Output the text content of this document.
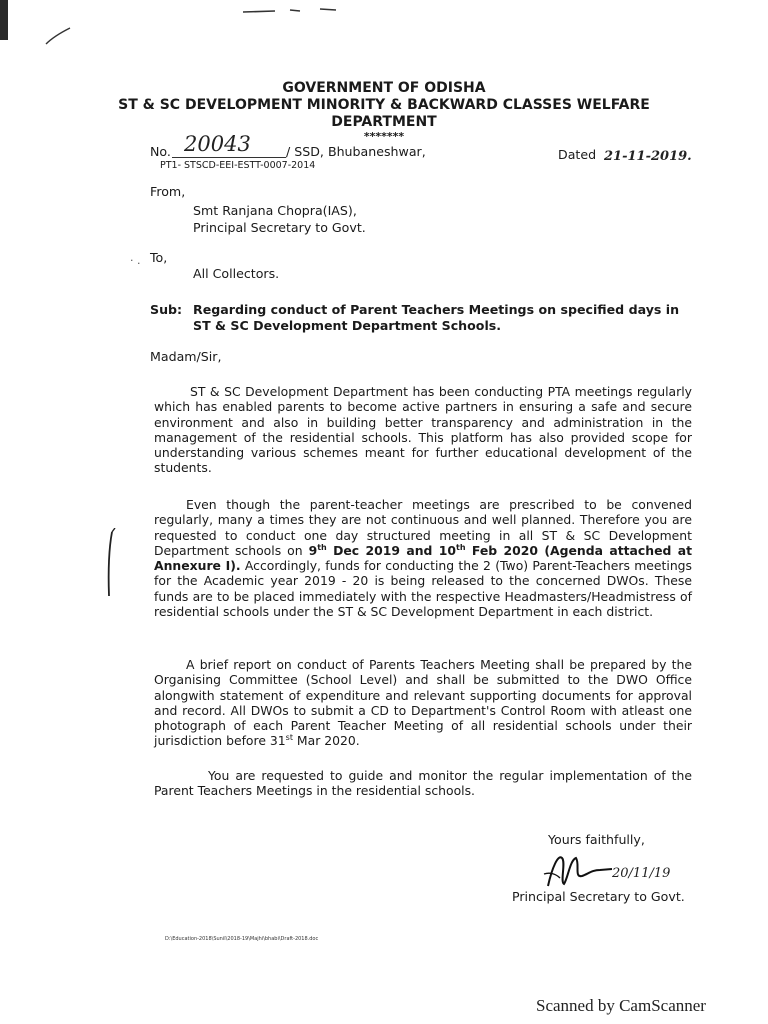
GOVERNMENT OF ODISHA
ST & SC DEVELOPMENT MINORITY & BACKWARD CLASSES WELFARE
DEPARTMENT
*******
No. 20043	/ SSD, Bhubaneshwar,
PT1- STSCD-EEI-ESTT-0007-2014
Dated 21-11-2019.
From,
Smt Ranjana Chopra(IAS),
Principal Secretary to Govt.
· . To,
All Collectors.
Sub: Regarding conduct of Parent Teachers Meetings on specified days in
ST & SC Development Department Schools.
Madam/Sir,

ST & SC Development Department has been conducting PTA meetings regularly which has enabled parents to become active partners in ensuring a safe and secure environment and also in building better transparency and administration in the management of the residential schools. This platform has also provided scope for understanding various schemes meant for further educational development of the students.

Even though the parent-teacher meetings are prescribed to be convened regularly, many a times they are not continuous and well planned. Therefore you are requested to conduct one day structured meeting in all ST & SC Development Department schools on 9th Dec 2019 and 10th Feb 2020 (Agenda attached at Annexure I). Accordingly, funds for conducting the 2 (Two) Parent-Teachers meetings for the Academic year 2019 - 20 is being released to the concerned DWOs. These funds are to be placed immediately with the respective Headmasters/Headmistress of residential schools under the ST & SC Development Department in each district.

A brief report on conduct of Parents Teachers Meeting shall be prepared by the Organising Committee (School Level) and shall be submitted to the DWO Office alongwith statement of expenditure and relevant supporting documents for approval and record. All DWOs to submit a CD to Department's Control Room with atleast one photograph of each Parent Teacher Meeting of all residential schools under their jurisdiction before 31st Mar 2020.

You are requested to guide and monitor the regular implementation of the Parent Teachers Meetings in the residential schools.

Yours faithfully,
20/11/19
Principal Secretary to Govt.
D:\Education-2018\Sunil\2018-19\Majhi\bhabi\Draft-2018.doc
Scanned by CamScanner
